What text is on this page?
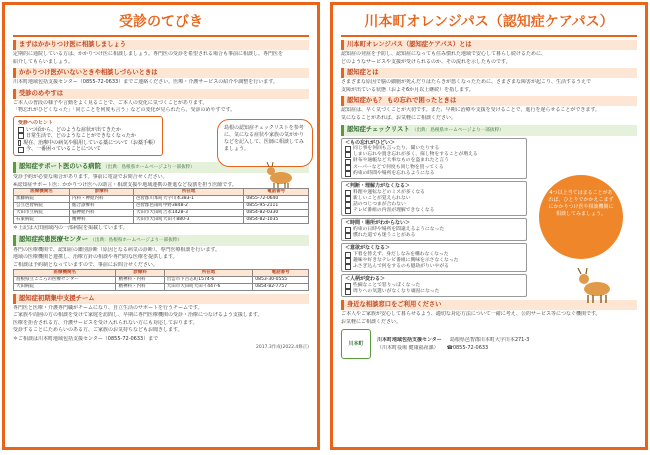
受診のてびき
まずはかかりつけ医に相談しましょう
定期的に通院している方は、かかりつけ医に相談しましょう。専門医の受診を希望される場合も事前に相談し、専門医を
紹介してもらいましょう。
かかりつけ医がいないときや相談しづらいときは
川本町地域包括支援センター（0855-72-0633）までご連絡ください。医療・介護サービスの紹介や調整を行います。
受診のめやすは
ご本人の普段の様子や言動をよく見ることで、ご本人の変化に気づくことがあります。
「物忘れがひどくなった」「同じことを何度も言う」などの変化が見られたら、受診のめやすです。
受診へのヒント
いつ頃から、どのような症状が出てきたか
日常生活で、どのようなことができなくなったか
現在、治療中の病気や服用している薬について（お薬手帳）
今、一番困っていることについて
島根の認知症チェックリストを参考に、気になる症状や家族の気がかりなどを記入して、医師に相談してみましょう。
認知症サポート医のいる病院 （出典：島根県ホームページより一部抜粋）
受診予約が必要な場合があります。事前に電話でお問合せください。
※認知症サポート医：かかりつけ医への助言・相談支援や地域連携の推進など役割を担う医師です。
医療機関名	診療科	所在地	電話番号
加藤病院	内科・神経内科	邑智郡川本町大字川本383-1	0855-72-0640
公立邑智病院	総合診療科	邑智郡邑南町中野3848-2	0855-95-2111
大田市立病院	脳神経内科	大田市大田町吉永1428-3	0854-82-0330
石東病院	精神科	大田市大田町大田イ880-3	0854-82-1035
＊上記は大田圏域内の一部病院を掲載しています。
認知症疾患医療センター （出典：島根県ホームページより一部抜粋）
専門の医療機関で、認知症の鑑別診断（原因となる病気の診断）、専門医療相談を行います。
地域の医療機関と連携し、治療方針の相談や専門的な医療を提供します。
ご相談は予約制となっていますので、事前にお問合せください。
医療機関名	診療科	所在地	電話番号
島根県立こころの医療センター	精神科・内科	出雲市下古志町1574-6	0853-30-0555
大田病院	精神科・内科	大田市大田町大田イ447-6	0854-82-7757
認知症初期集中支援チーム
専門医と医療・介護専門職がチームになり、自立生活のサポートを行うチームです。
ご家族や周囲の方の相談を受けて家庭を訪問し、早期に専門医療機関の受診・治療につなげるよう支援します。
医療を拒否される方、介護サービスを受け入れられない方にも対応しております。
受診することにためらいのある方、ご家族のお気持ちなどもお聞きします。
＊ご相談は川本町地域包括支援センター（0855-72-0633）まで
2017.3作成(2022.4修正)
川本町オレンジパス（認知症ケアパス）
川本町オレンジパス（認知症ケアパス）とは
認知症の発症を予防し、認知症になっても住み慣れた地域で安心して暮らし続けるために、
どのようなサービスや支援が受けられるのか、その流れを示したものです。
認知症とは
さまざまな原因で脳の細胞が死んだりはたらきが悪くなったために、さまざまな障害が起こり、生活するうえで
支障が出ている状態（およそ6か月以上継続）を指します。
認知症かも？ もの忘れで困ったときは
認知症は、早く気づくことが大切です。また、早期に治療や支援を受けることで、進行を遅らせることができます。
気になることがあれば、お気軽にご相談ください。
認知症チェックリスト （出典：島根県ホームページより一部抜粋）
＜もの忘れがひどい＞
同じ事を何回も言ったり、聞いたりする
しまい忘れや置き忘れが多く、探し物をすることが増える
財布や通帳など大事なものを盗まれたと言う
スーパーなどで何度も同じ物を買ってくる
約束の時間や場所を忘れるようになる
＜判断・理解力がなくなる＞
料理や運転などのミスが多くなる
新しいことが覚えられない
話のつじつまが合わない
テレビ番組の内容が理解できなくなる
＜時間・場所がわからない＞
約束の日時や場所を間違えるようになった
慣れた道でも迷うことがある
＜意欲がなくなる＞
下着を替えず、身だしなみを構わなくなった
趣味や好きなテレビ番組に興味を示さなくなった
ふさぎ込んで何をするのも億劫がりいやがる
＜人柄が変わる＞
些細なことで怒りっぽくなった
周りへの気遣いがなくなり頑固になった
4つ以上当てはまることがあれば、ひとりでかかえこまずにかかりつけ医や相談機関に相談してみましょう。
身近な相談窓口をご利用ください
ご本人やご家族が安心して暮らせるよう、適切な対応方法について一緒に考え、公的サービス等につなぐ機関です。
お気軽にご相談ください。
川本町
川本町地域包括支援センター 島根県邑智郡川本町大字川本271-3
（川本町役場 健康福祉課） ☎0855-72-0633
